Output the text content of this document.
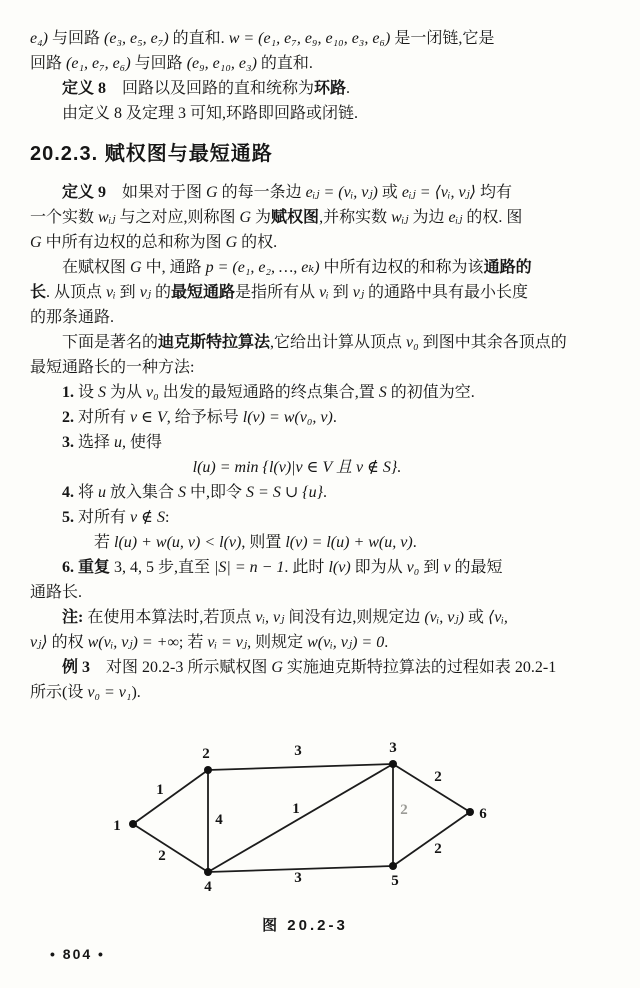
e₄) 与回路 (e₃, e₅, e₇) 的直和. w = (e₁, e₇, e₉, e₁₀, e₃, e₆) 是一闭链,它是
回路 (e₁, e₇, e₆) 与回路 (e₉, e₁₀, e₃) 的直和.
定义 8　回路以及回路的直和统称为环路.
由定义 8 及定理 3 可知,环路即回路或闭链.
20.2.3. 赋权图与最短通路
定义 9　如果对于图 G 的每一条边 eᵢⱼ = (vᵢ, vⱼ) 或 eᵢⱼ = ⟨vᵢ, vⱼ⟩ 均有
一个实数 wᵢⱼ 与之对应,则称图 G 为赋权图,并称实数 wᵢⱼ 为边 eᵢⱼ 的权. 图
G 中所有边权的总和称为图 G 的权.
在赋权图 G 中, 通路 p = (e₁, e₂, …, eₖ) 中所有边权的和称为该通路的
长. 从顶点 vᵢ 到 vⱼ 的最短通路是指所有从 vᵢ 到 vⱼ 的通路中具有最小长度
的那条通路.
下面是著名的迪克斯特拉算法,它给出计算从顶点 v₀ 到图中其余各顶点的
最短通路长的一种方法:
1. 设 S 为从 v₀ 出发的最短通路的终点集合,置 S 的初值为空.
2. 对所有 v ∈ V, 给予标号 l(v) = w(v₀, v).
3. 选择 u, 使得
l(u) = min {l(v)|v ∈ V 且 v ∉ S}.
4. 将 u 放入集合 S 中,即令 S = S ∪ {u}.
5. 对所有 v ∉ S:
若 l(u) + w(u, v) < l(v), 则置 l(v) = l(u) + w(u, v).
6. 重复 3, 4, 5 步,直至 |S| = n − 1. 此时 l(v) 即为从 v₀ 到 v 的最短
通路长.
注: 在使用本算法时,若顶点 vᵢ, vⱼ 间没有边,则规定边 (vᵢ, vⱼ) 或 ⟨vᵢ,
vⱼ⟩ 的权 w(vᵢ, vⱼ) = +∞; 若 vᵢ = vⱼ, 则规定 w(vᵢ, vⱼ) = 0.
例 3　对图 20.2-3 所示赋权图 G 实施迪克斯特拉算法的过程如表 20.2-1
所示(设 v₀ = v₁).
1
2
3
4
1	2
2
3
2
1
2	3
4	5
6
图 20.2-3
• 804 •
